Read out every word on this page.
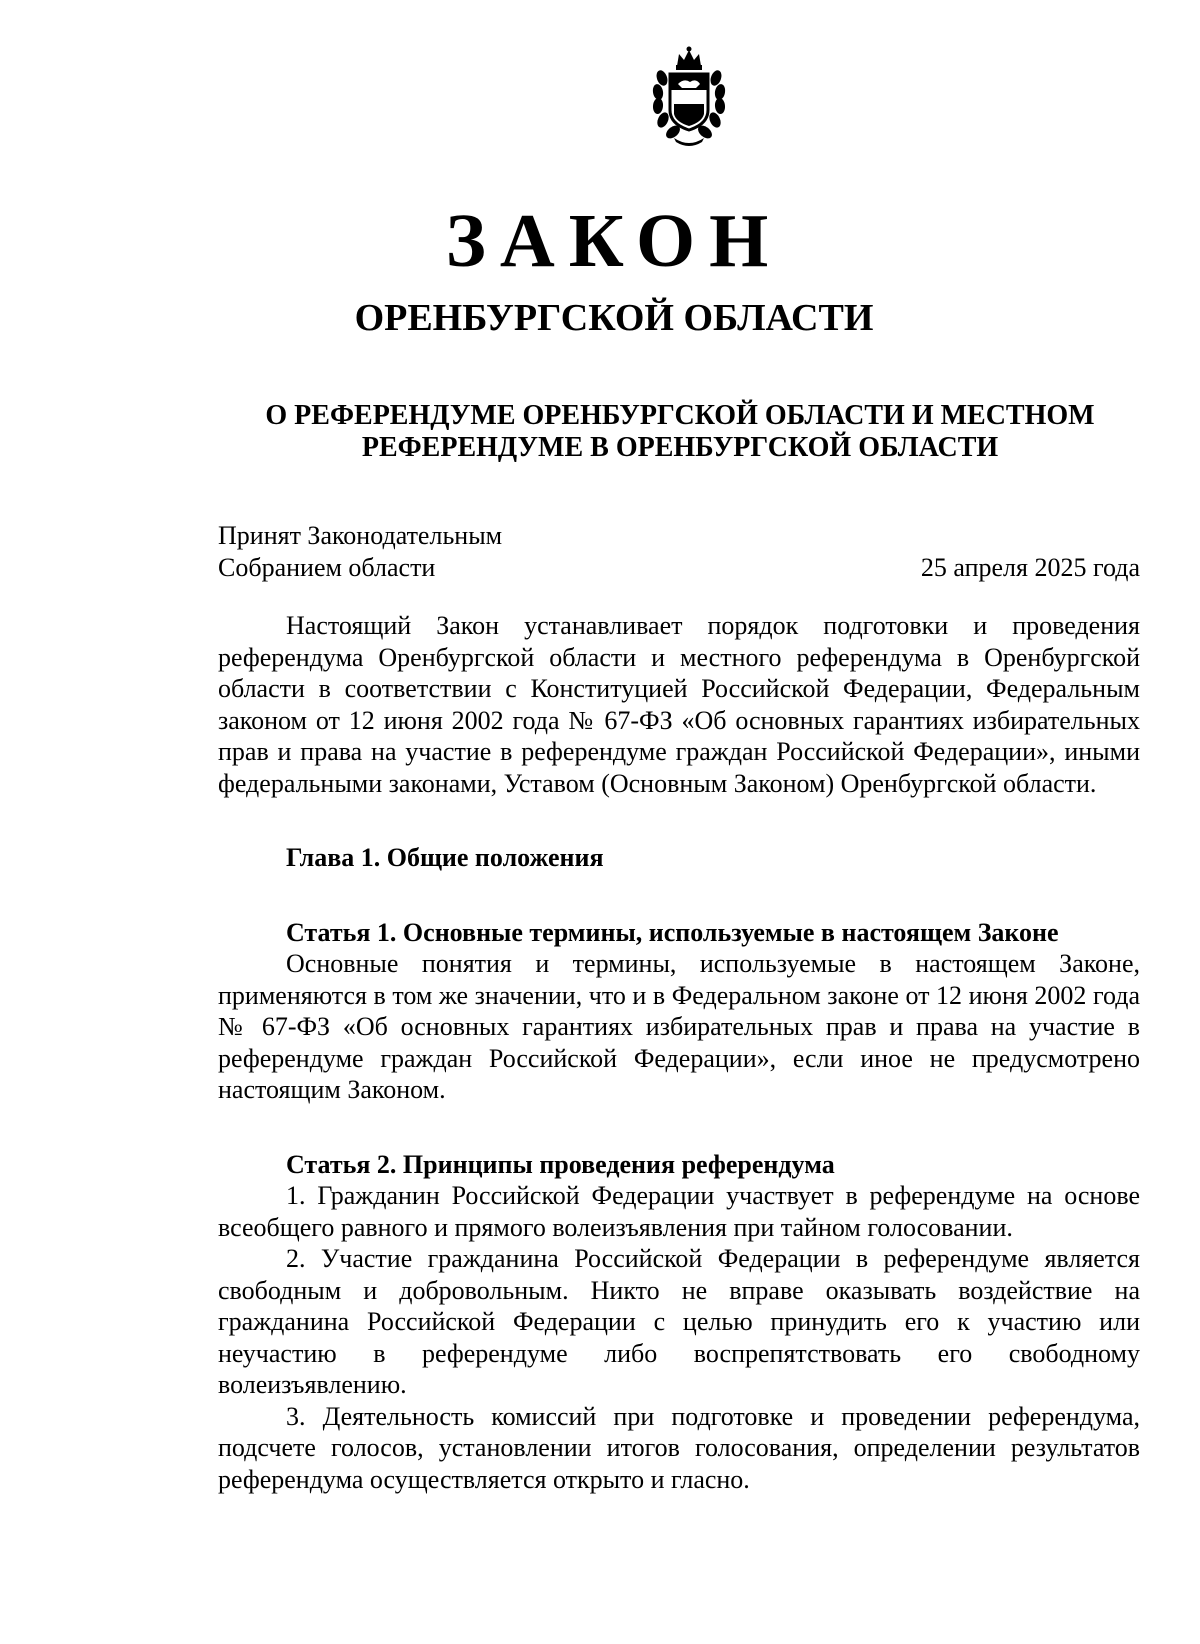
ЗАКОН
ОРЕНБУРГСКОЙ ОБЛАСТИ
О РЕФЕРЕНДУМЕ ОРЕНБУРГСКОЙ ОБЛАСТИ И МЕСТНОМ
РЕФЕРЕНДУМЕ В ОРЕНБУРГСКОЙ ОБЛАСТИ
Принят Законодательным
Собранием области	25 апреля 2025 года

Настоящий Закон устанавливает порядок подготовки и проведения референдума Оренбургской области и местного референдума в Оренбургской области в соответствии с Конституцией Российской Федерации, Федеральным законом от 12 июня 2002 года № 67-ФЗ «Об основных гарантиях избирательных прав и права на участие в референдуме граждан Российской Федерации», иными федеральными законами, Уставом (Основным Законом) Оренбургской области.

Глава 1. Общие положения
Статья 1. Основные термины, используемые в настоящем Законе

Основные понятия и термины, используемые в настоящем Законе, применяются в том же значении, что и в Федеральном законе от 12 июня 2002 года № 67-ФЗ «Об основных гарантиях избирательных прав и права на участие в референдуме граждан Российской Федерации», если иное не предусмотрено настоящим Законом.

Статья 2. Принципы проведения референдума

1. Гражданин Российской Федерации участвует в референдуме на основе всеобщего равного и прямого волеизъявления при тайном голосовании.

2. Участие гражданина Российской Федерации в референдуме является свободным и добровольным. Никто не вправе оказывать воздействие на гражданина Российской Федерации с целью принудить его к участию или неучастию в референдуме либо воспрепятствовать его свободному волеизъявлению.

3. Деятельность комиссий при подготовке и проведении референдума, подсчете голосов, установлении итогов голосования, определении результатов референдума осуществляется открыто и гласно.
